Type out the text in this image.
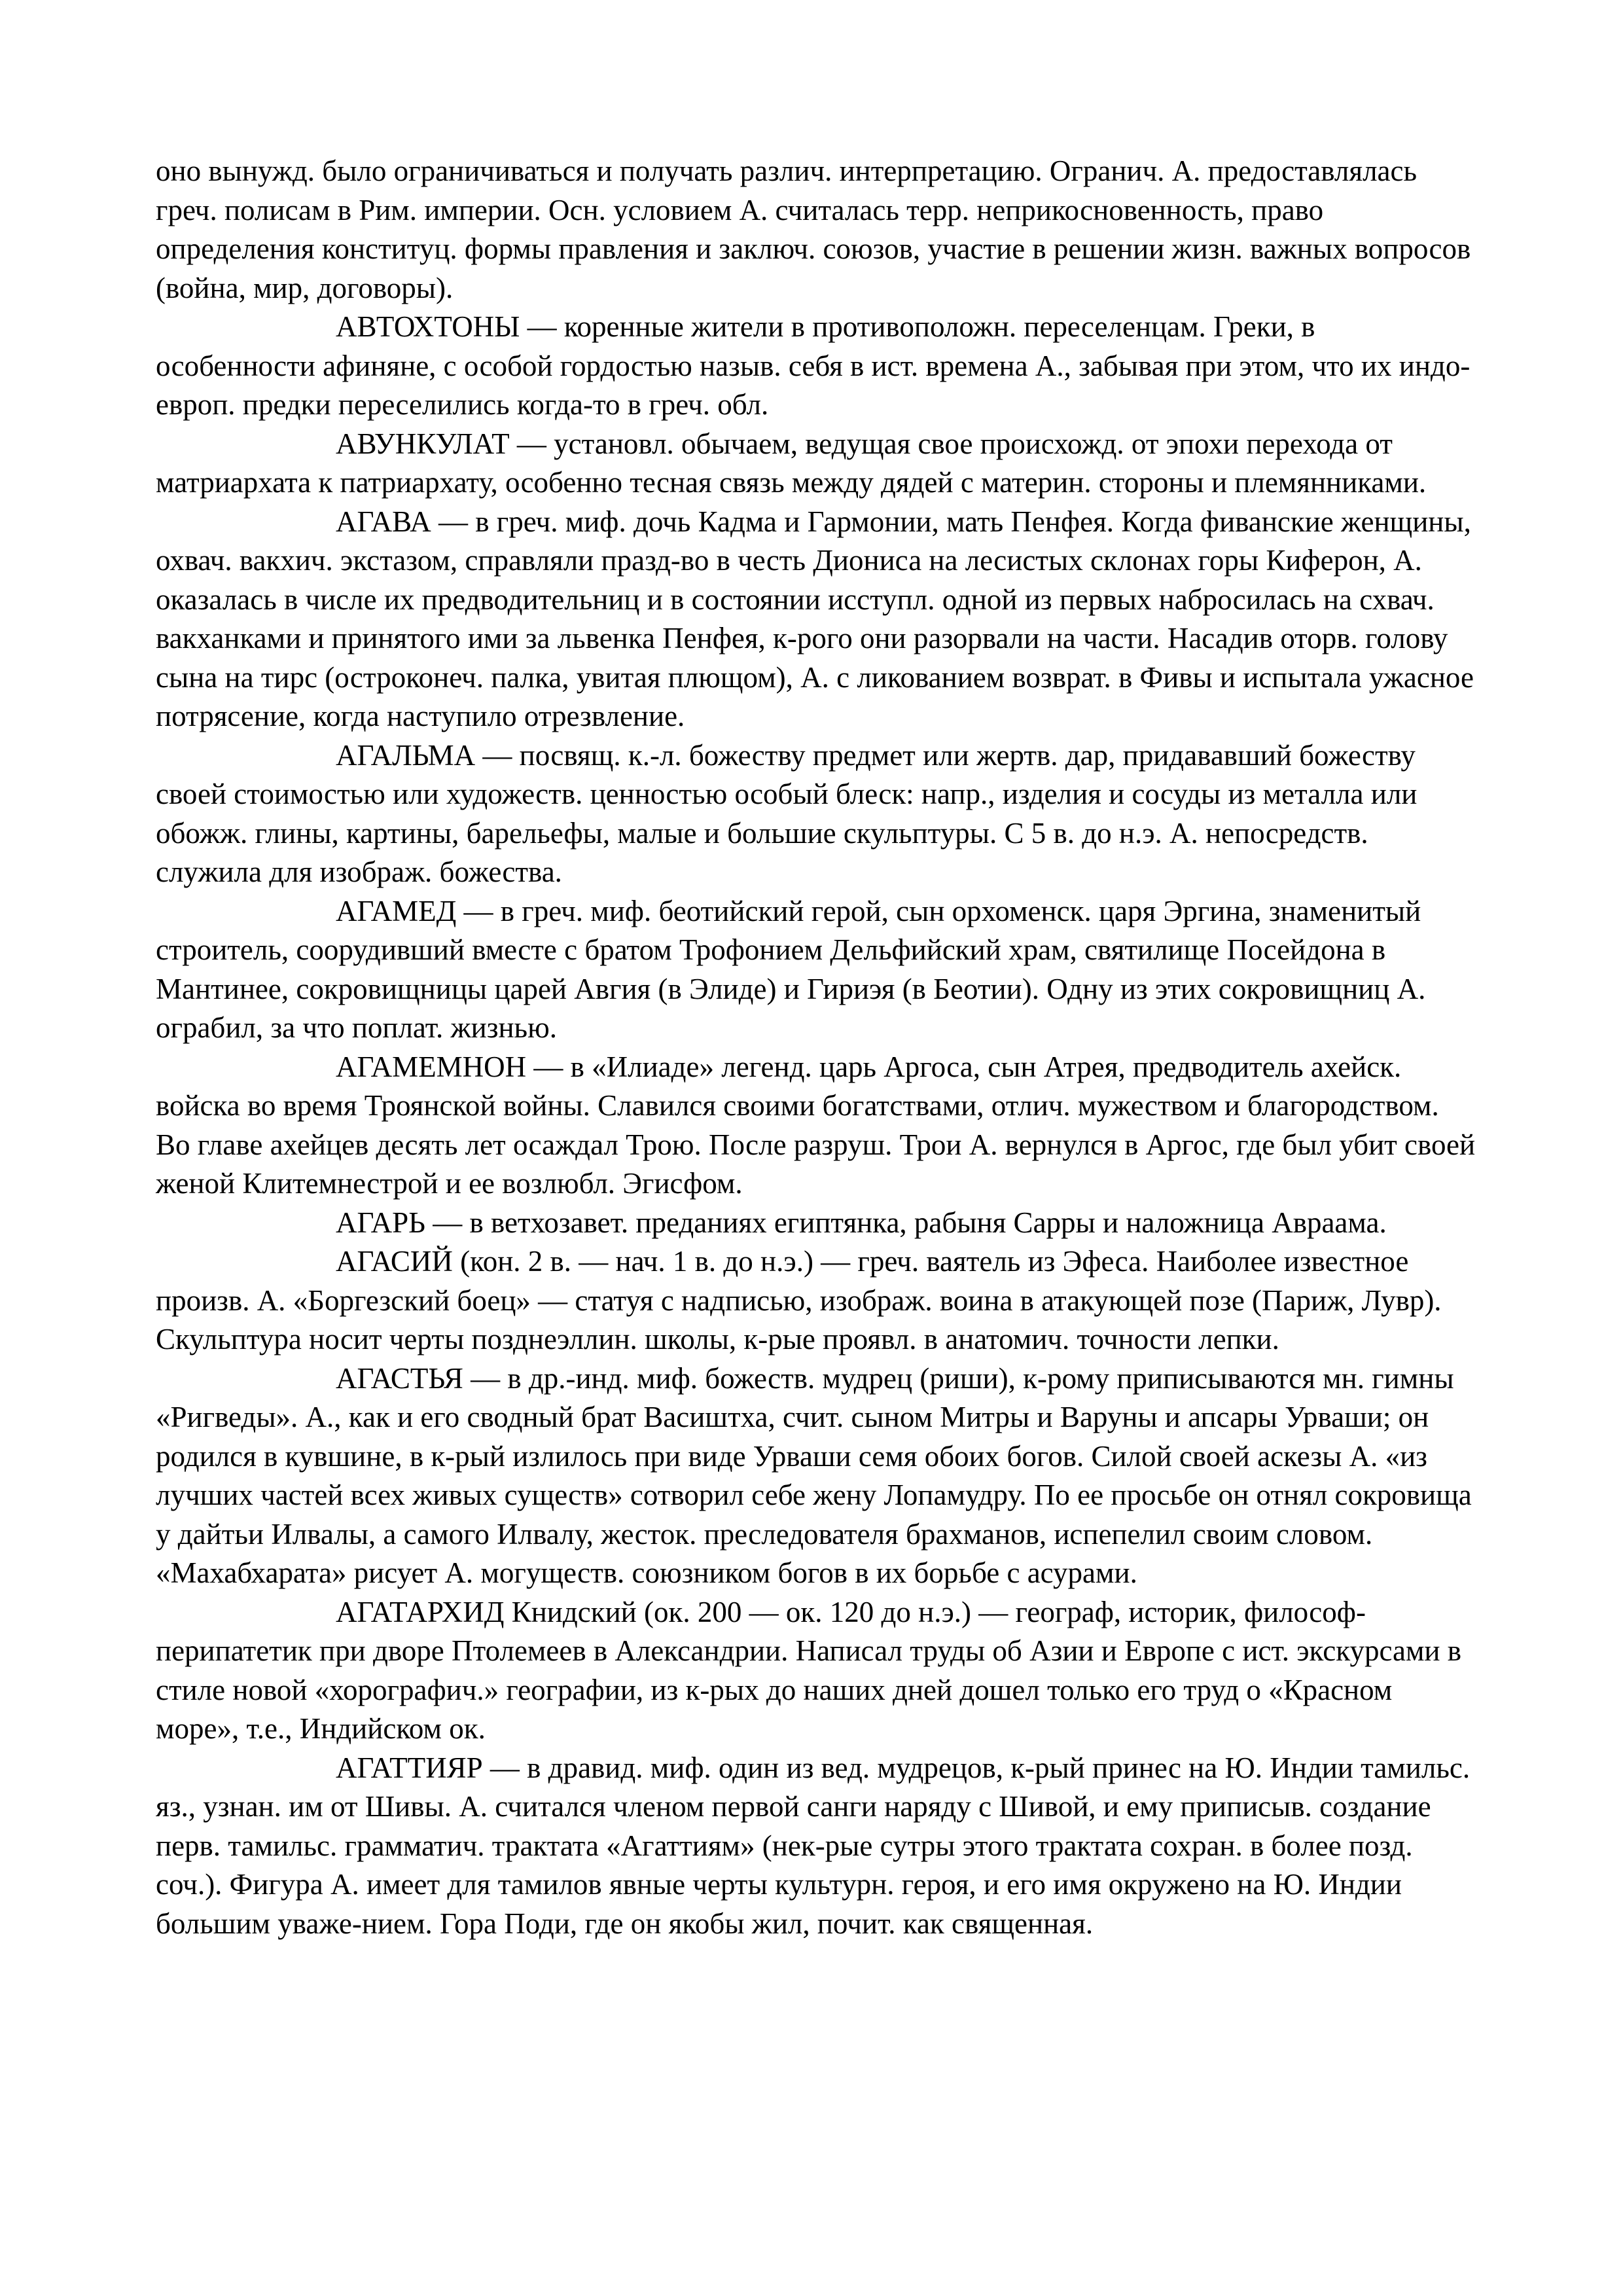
оно вынужд. было ограничиваться и получать различ. интерпретацию. Огранич. А. предоставлялась греч. полисам в Рим. империи. Осн. условием А. считалась терр. неприкосновенность, право определения конституц. формы правления и заключ. союзов, участие в решении жизн. важных вопросов (война, мир, договоры).

АВТОХТОНЫ — коренные жители в противоположн. переселенцам. Греки, в особенности афиняне, с особой гордостью назыв. себя в ист. времена А., забывая при этом, что их индо-европ. предки переселились когда-то в греч. обл.

АВУНКУЛАТ — установл. обычаем, ведущая свое происхожд. от эпохи перехода от матриархата к патриархату, особенно тесная связь между дядей с материн. стороны и племянниками.

АГАВА — в греч. миф. дочь Кадма и Гармонии, мать Пенфея. Когда фиванские женщины, охвач. вакхич. экстазом, справляли празд-во в честь Диониса на лесистых склонах горы Киферон, А. оказалась в числе их предводительниц и в состоянии исступл. одной из первых набросилась на схвач. вакханками и принятого ими за львенка Пенфея, к-рого они разорвали на части. Насадив оторв. голову сына на тирс (остроконеч. палка, увитая плющом), А. с ликованием возврат. в Фивы и испытала ужасное потрясение, когда наступило отрезвление.

АГАЛЬМА — посвящ. к.-л. божеству предмет или жертв. дар, придававший божеству своей стоимостью или художеств. ценностью особый блеск: напр., изделия и сосуды из металла или обожж. глины, картины, барельефы, малые и большие скульптуры. С 5 в. до н.э. А. непосредств. служила для изображ. божества.

АГАМЕД — в греч. миф. беотийский герой, сын орхоменск. царя Эргина, знаменитый строитель, соорудивший вместе с братом Трофонием Дельфийский храм, святилище Посейдона в Мантинее, сокровищницы царей Авгия (в Элиде) и Гириэя (в Беотии). Одну из этих сокровищниц А. ограбил, за что поплат. жизнью.

АГАМЕМНОН — в «Илиаде» легенд. царь Аргоса, сын Атрея, предводитель ахейск. войска во время Троянской войны. Славился своими богатствами, отлич. мужеством и благородством. Во главе ахейцев десять лет осаждал Трою. После разруш. Трои А. вернулся в Аргос, где был убит своей женой Клитемнестрой и ее возлюбл. Эгисфом.

АГАРЬ — в ветхозавет. преданиях египтянка, рабыня Сарры и наложница Авраама.

АГАСИЙ (кон. 2 в. — нач. 1 в. до н.э.) — греч. ваятель из Эфеса. Наиболее известное произв. А. «Боргезский боец» — статуя с надписью, изображ. воина в атакующей позе (Париж, Лувр). Скульптура носит черты позднеэллин. школы, к-рые проявл. в анатомич. точности лепки.

АГАСТЬЯ — в др.-инд. миф. божеств. мудрец (риши), к-рому приписываются мн. гимны «Ригведы». А., как и его сводный брат Васиштха, счит. сыном Митры и Варуны и апсары Урваши; он родился в кувшине, в к-рый излилось при виде Урваши семя обоих богов. Силой своей аскезы А. «из лучших частей всех живых существ» сотворил себе жену Лопамудру. По ее просьбе он отнял сокровища у дайтьи Илвалы, а самого Илвалу, жесток. преследователя брахманов, испепелил своим словом. «Махабхарата» рисует А. могуществ. союзником богов в их борьбе с асурами.

АГАТАРХИД Книдский (ок. 200 — ок. 120 до н.э.) — географ, историк, философ-перипатетик при дворе Птолемеев в Александрии. Написал труды об Азии и Европе с ист. экскурсами в стиле новой «хорографич.» географии, из к-рых до наших дней дошел только его труд о «Красном море», т.е., Индийском ок.

АГАТТИЯР — в дравид. миф. один из вед. мудрецов, к-рый принес на Ю. Индии тамильс. яз., узнан. им от Шивы. А. считался членом первой санги наряду с Шивой, и ему приписыв. создание перв. тамильс. грамматич. трактата «Агаттиям» (нек-рые сутры этого трактата сохран. в более позд. соч.). Фигура А. имеет для тамилов явные черты культурн. героя, и его имя окружено на Ю. Индии большим уваже-нием. Гора Поди, где он якобы жил, почит. как священная.
